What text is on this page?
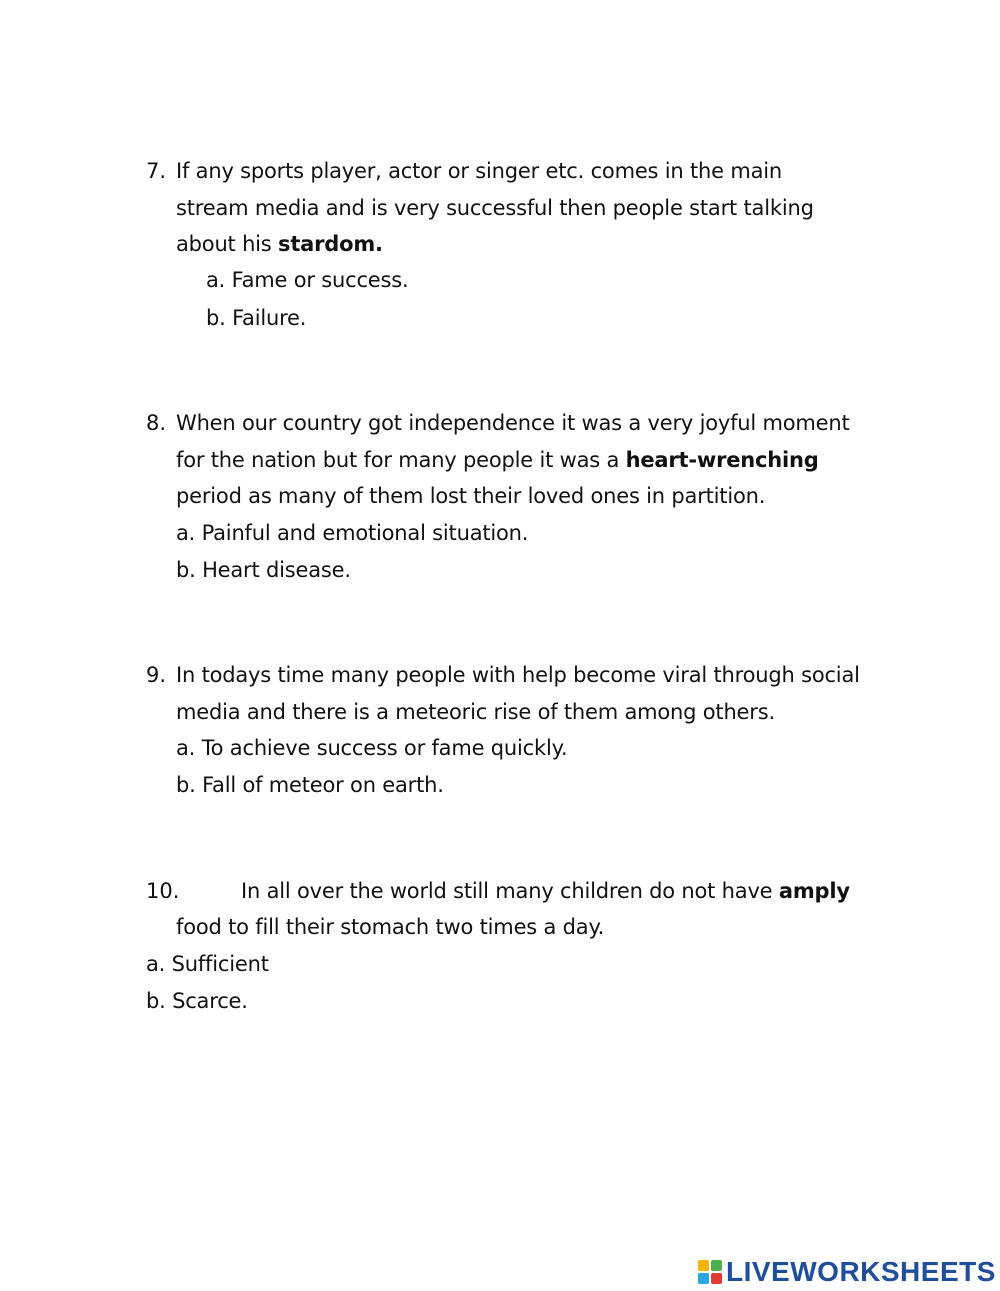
7. If any sports player, actor or singer etc. comes in the main
stream media and is very successful then people start talking
about his stardom.
a. Fame or success.
b. Failure.
8. When our country got independence it was a very joyful moment
for the nation but for many people it was a heart-wrenching
period as many of them lost their loved ones in partition.
a. Painful and emotional situation.
b. Heart disease.
9. In todays time many people with help become viral through social
media and there is a meteoric rise of them among others.
a. To achieve success or fame quickly.
b. Fall of meteor on earth.
10.	In all over the world still many children do not have amply
food to fill their stomach two times a day.
a. Sufficient
b. Scarce.
LIVEWORKSHEETS
